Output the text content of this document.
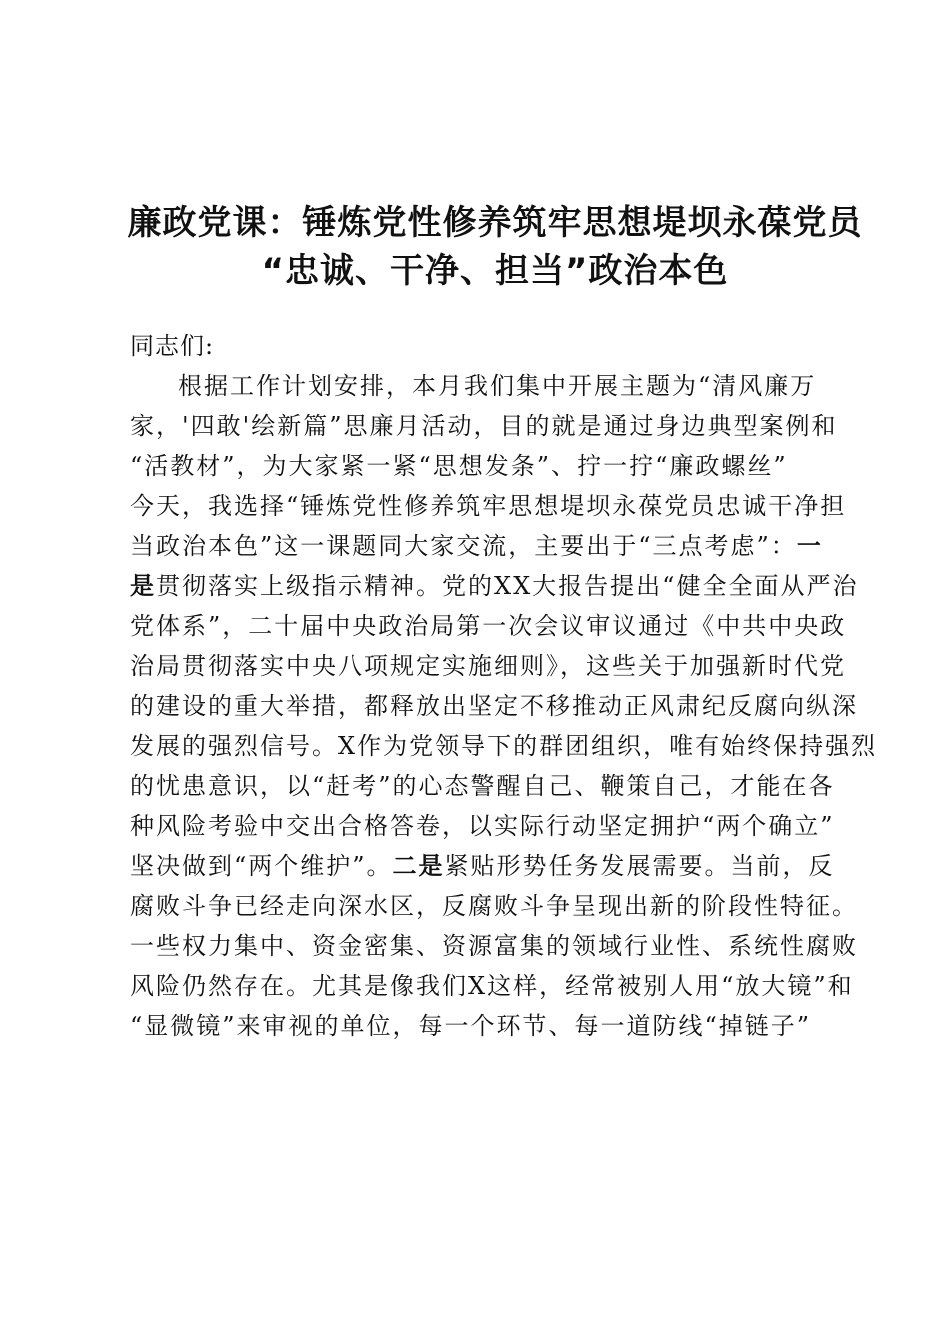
廉政党课：锤炼党性修养筑牢思想堤坝永葆党员
“忠诚、干净、担当”政治本色

同志们:

根据工作计划安排，本月我们集中开展主题为“清风廉万

家，'四敢'绘新篇”思廉月活动，目的就是通过身边典型案例和

“活教材”，为大家紧一紧“思想发条”、拧一拧“廉政螺丝”

今天，我选择“锤炼党性修养筑牢思想堤坝永葆党员忠诚干净担

当政治本色”这一课题同大家交流，主要出于“三点考虑”：一

是贯彻落实上级指示精神。党的XX大报告提出“健全全面从严治

党体系”，二十届中央政治局第一次会议审议通过《中共中央政

治局贯彻落实中央八项规定实施细则》，这些关于加强新时代党

的建设的重大举措，都释放出坚定不移推动正风肃纪反腐向纵深

发展的强烈信号。X作为党领导下的群团组织，唯有始终保持强烈

的忧患意识，以“赶考”的心态警醒自己、鞭策自己，才能在各

种风险考验中交出合格答卷，以实际行动坚定拥护“两个确立”

坚决做到“两个维护”。二是紧贴形势任务发展需要。当前，反

腐败斗争已经走向深水区，反腐败斗争呈现出新的阶段性特征。

一些权力集中、资金密集、资源富集的领域行业性、系统性腐败

风险仍然存在。尤其是像我们X这样，经常被别人用“放大镜”和

“显微镜”来审视的单位，每一个环节、每一道防线“掉链子”
